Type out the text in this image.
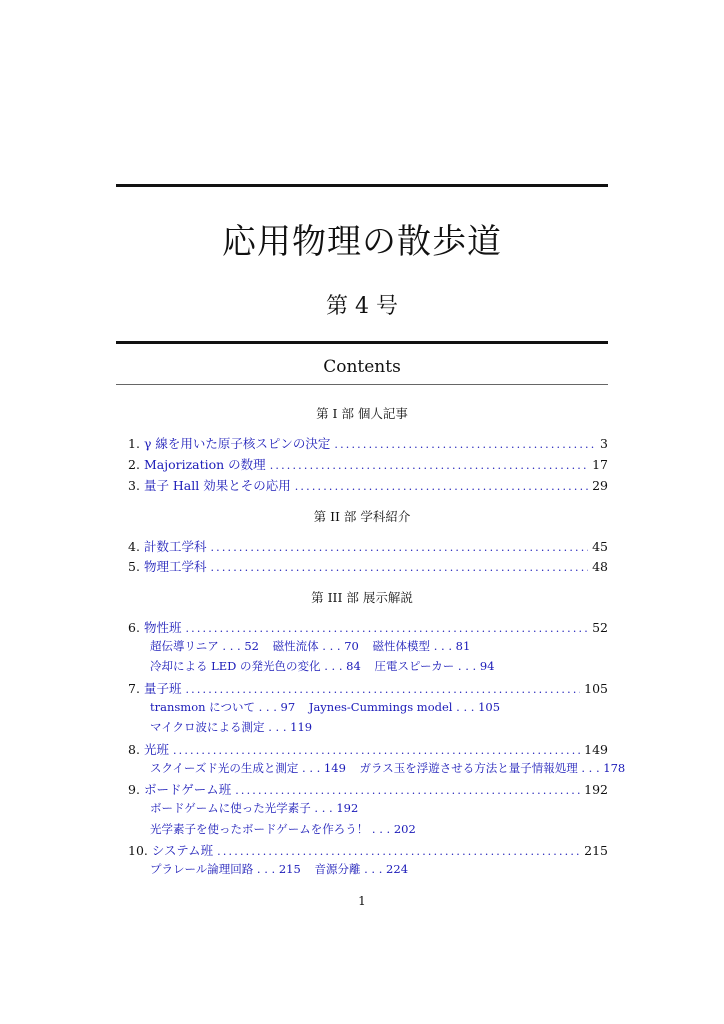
応用物理の散歩道
第 4 号
Contents
第 I 部 個人記事
1. γ 線を用いた原子核スピンの決定 .....	3
2. Majorization の数理 .....	17
3. 量子 Hall 効果とその応用 .....	29
第 II 部 学科紹介
4. 計数工学科 .....	45
5. 物理工学科 .....	48
第 III 部 展示解説
6. 物性班 .....	52
超伝導リニア . . . 52 磁性流体 . . . 70 磁性体模型 . . . 81
冷却による LED の発光色の変化 . . . 84 圧電スピーカー . . . 94
7. 量子班 .....	105
transmon について . . . 97 Jaynes-Cummings model . . . 105
マイクロ波による測定 . . . 119
8. 光班 .....	149
スクイーズド光の生成と測定 . . . 149 ガラス玉を浮遊させる方法と量子情報処理 . . . 178
9. ボードゲーム班 .....	192
ボードゲームに使った光学素子 . . . 192
光学素子を使ったボードゲームを作ろう！ . . . 202
10. システム班 .....	215
プラレール論理回路 . . . 215 音源分離 . . . 224
1
